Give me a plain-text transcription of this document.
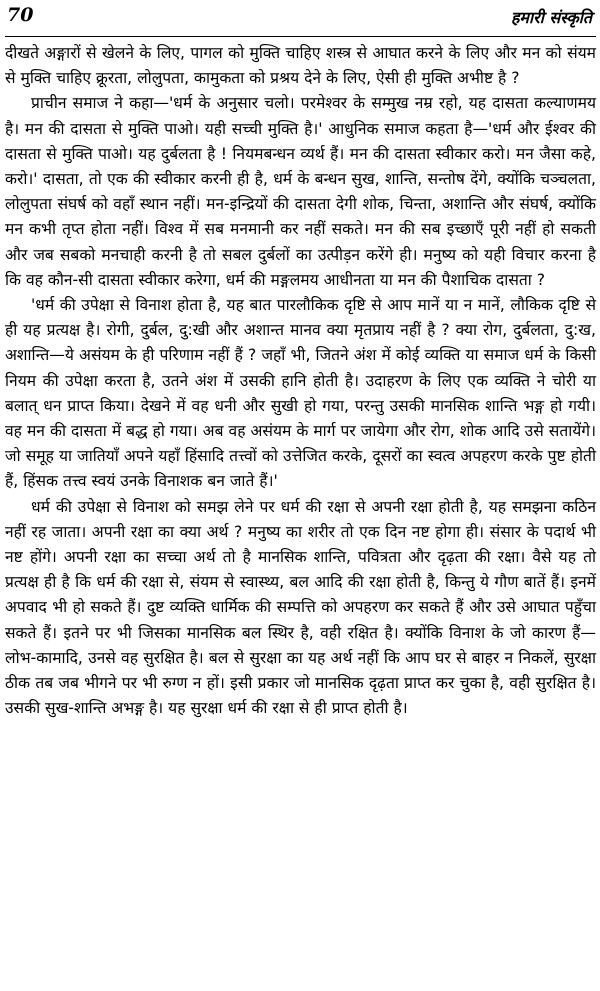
70	हमारी संस्कृति

दीखते अङ्गारों से खेलने के लिए, पागल को मुक्ति चाहिए शस्त्र से आघात करने के लिए और मन को संयम से मुक्ति चाहिए क्रूरता, लोलुपता, कामुकता को प्रश्रय देने के लिए, ऐसी ही मुक्ति अभीष्ट है ?

प्राचीन समाज ने कहा—'धर्म के अनुसार चलो। परमेश्वर के सम्मुख नम्र रहो, यह दासता कल्याणमय है। मन की दासता से मुक्ति पाओ। यही सच्ची मुक्ति है।' आधुनिक समाज कहता है—'धर्म और ईश्वर की दासता से मुक्ति पाओ। यह दुर्बलता है ! नियमबन्धन व्यर्थ हैं। मन की दासता स्वीकार करो। मन जैसा कहे, करो।' दासता, तो एक की स्वीकार करनी ही है, धर्म के बन्धन सुख, शान्ति, सन्तोष देंगे, क्योंकि चञ्चलता, लोलुपता संघर्ष को वहाँ स्थान नहीं। मन-इन्द्रियों की दासता देगी शोक, चिन्ता, अशान्ति और संघर्ष, क्योंकि मन कभी तृप्त होता नहीं। विश्व में सब मनमानी कर नहीं सकते। मन की सब इच्छाएँ पूरी नहीं हो सकती और जब सबको मनचाही करनी है तो सबल दुर्बलों का उत्पीड़न करेंगे ही। मनुष्य को यही विचार करना है कि वह कौन-सी दासता स्वीकार करेगा, धर्म की मङ्गलमय आधीनता या मन की पैशाचिक दासता ?

'धर्म की उपेक्षा से विनाश होता है, यह बात पारलौकिक दृष्टि से आप मानें या न मानें, लौकिक दृष्टि से ही यह प्रत्यक्ष है। रोगी, दुर्बल, दु:खी और अशान्त मानव क्या मृतप्राय नहीं है ? क्या रोग, दुर्बलता, दु:ख, अशान्ति—ये असंयम के ही परिणाम नहीं हैं ? जहाँ भी, जितने अंश में कोई व्यक्ति या समाज धर्म के किसी नियम की उपेक्षा करता है, उतने अंश में उसकी हानि होती है। उदाहरण के लिए एक व्यक्ति ने चोरी या बलात् धन प्राप्त किया। देखने में वह धनी और सुखी हो गया, परन्तु उसकी मानसिक शान्ति भङ्ग हो गयी। वह मन की दासता में बद्ध हो गया। अब वह असंयम के मार्ग पर जायेगा और रोग, शोक आदि उसे सतायेंगे। जो समूह या जातियाँ अपने यहाँ हिंसादि तत्त्वों को उत्तेजित करके, दूसरों का स्वत्व अपहरण करके पुष्ट होती हैं, हिंसक तत्त्व स्वयं उनके विनाशक बन जाते हैं।'

धर्म की उपेक्षा से विनाश को समझ लेने पर धर्म की रक्षा से अपनी रक्षा होती है, यह समझना कठिन नहीं रह जाता। अपनी रक्षा का क्या अर्थ ? मनुष्य का शरीर तो एक दिन नष्ट होगा ही। संसार के पदार्थ भी नष्ट होंगे। अपनी रक्षा का सच्चा अर्थ तो है मानसिक शान्ति, पवित्रता और दृढ़ता की रक्षा। वैसे यह तो प्रत्यक्ष ही है कि धर्म की रक्षा से, संयम से स्वास्थ्य, बल आदि की रक्षा होती है, किन्तु ये गौण बातें हैं। इनमें अपवाद भी हो सकते हैं। दुष्ट व्यक्ति धार्मिक की सम्पत्ति को अपहरण कर सकते हैं और उसे आघात पहुँचा सकते हैं। इतने पर भी जिसका मानसिक बल स्थिर है, वही रक्षित है। क्योंकि विनाश के जो कारण हैं—लोभ-कामादि, उनसे वह सुरक्षित है। बल से सुरक्षा का यह अर्थ नहीं कि आप घर से बाहर न निकलें, सुरक्षा ठीक तब जब भीगने पर भी रुग्ण न हों। इसी प्रकार जो मानसिक दृढ़ता प्राप्त कर चुका है, वही सुरक्षित है। उसकी सुख-शान्ति अभङ्ग है। यह सुरक्षा धर्म की रक्षा से ही प्राप्त होती है।
